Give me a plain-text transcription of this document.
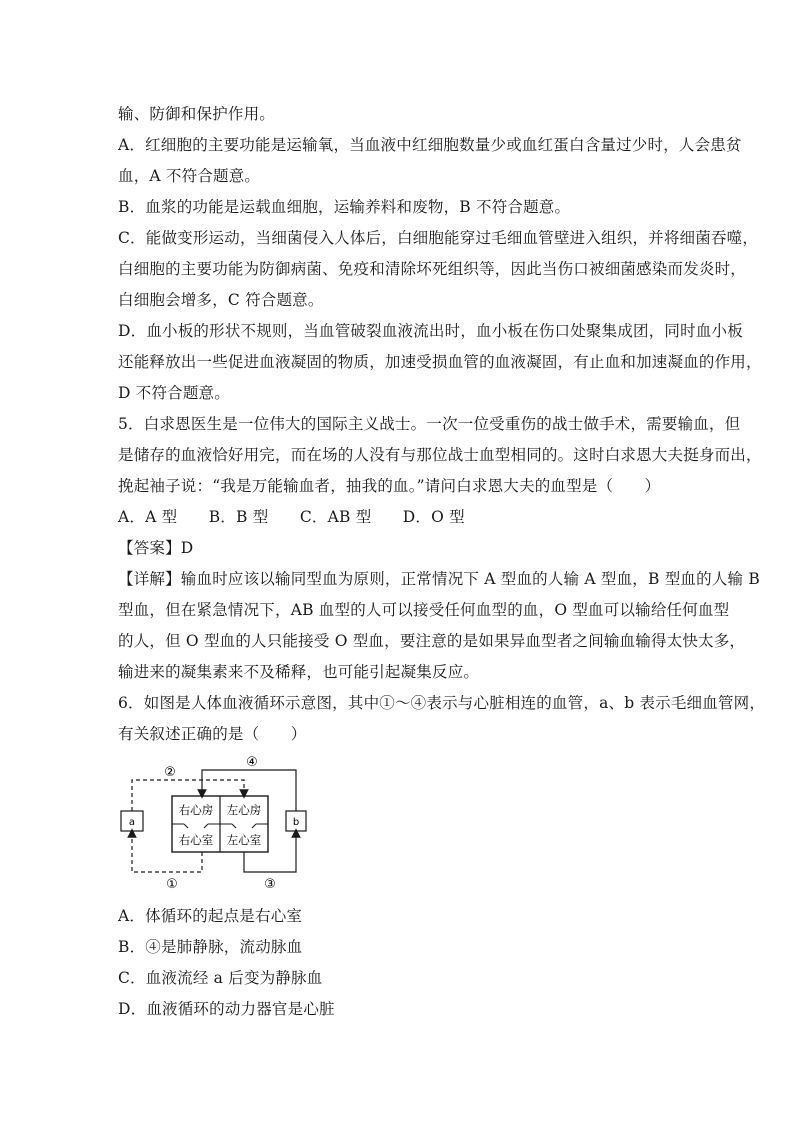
输、防御和保护作用。
A．红细胞的主要功能是运输氧，当血液中红细胞数量少或血红蛋白含量过少时，人会患贫
血，A 不符合题意。
B．血浆的功能是运载血细胞，运输养料和废物，B 不符合题意。
C．能做变形运动，当细菌侵入人体后，白细胞能穿过毛细血管壁进入组织，并将细菌吞噬，
白细胞的主要功能为防御病菌、免疫和清除坏死组织等，因此当伤口被细菌感染而发炎时，
白细胞会增多，C 符合题意。
D．血小板的形状不规则，当血管破裂血液流出时，血小板在伤口处聚集成团，同时血小板
还能释放出一些促进血液凝固的物质，加速受损血管的血液凝固，有止血和加速凝血的作用，
D 不符合题意。
5．白求恩医生是一位伟大的国际主义战士。一次一位受重伤的战士做手术，需要输血，但
是储存的血液恰好用完，而在场的人没有与那位战士血型相同的。这时白求恩大夫挺身而出，
挽起袖子说：“我是万能输血者，抽我的血。”请问白求恩大夫的血型是（　　）
A．A 型　　B．B 型　　C．AB 型　　D．O 型
【答案】D
【详解】输血时应该以输同型血为原则，正常情况下 A 型血的人输 A 型血，B 型血的人输 B
型血，但在紧急情况下，AB 血型的人可以接受任何血型的血，O 型血可以输给任何血型
的人，但 O 型血的人只能接受 O 型血，要注意的是如果异血型者之间输血输得太快太多，
输进来的凝集素来不及稀释，也可能引起凝集反应。
6．如图是人体血液循环示意图，其中①～④表示与心脏相连的血管，a、b 表示毛细血管网，
有关叙述正确的是（　　）
右心房 左心房
右心室 左心室
a	b
②
④
①	③
A．体循环的起点是右心室
B．④是肺静脉，流动脉血
C．血液流经 a 后变为静脉血
D．血液循环的动力器官是心脏
